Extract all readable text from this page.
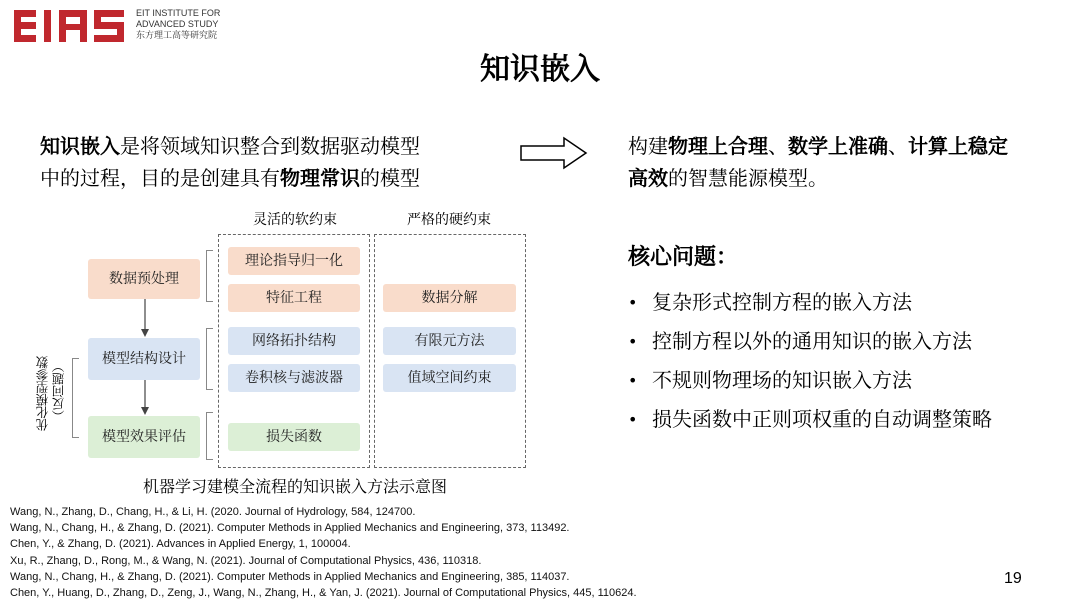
EIT INSTITUTE FOR
ADVANCED STUDY
东方理工高等研究院
知识嵌入
知识嵌入是将领域知识整合到数据驱动模型
中的过程，目的是创建具有物理常识的模型
构建物理上合理、数学上准确、计算上稳定
高效的智慧能源模型。
灵活的软约束	严格的硬约束
数据预处理
模型结构设计
模型效果评估
优化模型参数 （反问题）
理论指导归一化
特征工程
网络拓扑结构
卷积核与滤波器
损失函数
数据分解
有限元方法
值域空间约束
机器学习建模全流程的知识嵌入方法示意图
核心问题：
• 复杂形式控制方程的嵌入方法
• 控制方程以外的通用知识的嵌入方法
• 不规则物理场的知识嵌入方法
• 损失函数中正则项权重的自动调整策略
Wang, N., Zhang, D., Chang, H., & Li, H. (2020. Journal of Hydrology, 584, 124700.
Wang, N., Chang, H., & Zhang, D. (2021). Computer Methods in Applied Mechanics and Engineering, 373, 113492.
Chen, Y., & Zhang, D. (2021). Advances in Applied Energy, 1, 100004.
Xu, R., Zhang, D., Rong, M., & Wang, N. (2021). Journal of Computational Physics, 436, 110318.
Wang, N., Chang, H., & Zhang, D. (2021). Computer Methods in Applied Mechanics and Engineering, 385, 114037.
Chen, Y., Huang, D., Zhang, D., Zeng, J., Wang, N., Zhang, H., & Yan, J. (2021). Journal of Computational Physics, 445, 110624.
19
